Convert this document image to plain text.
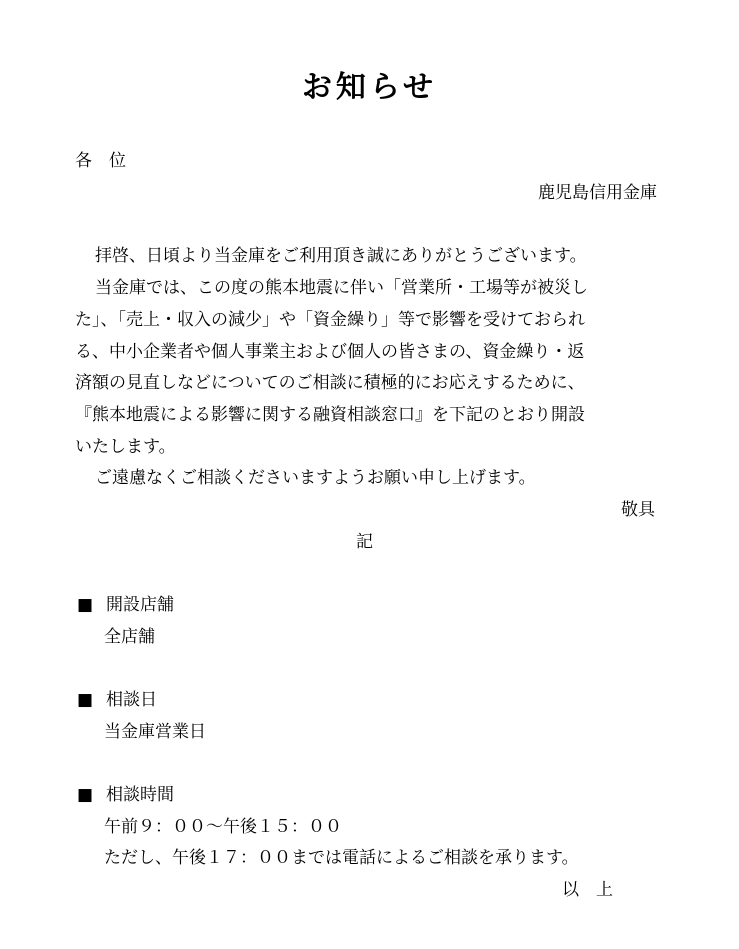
お知らせ
各　位
鹿児島信用金庫
拝啓、日頃より当金庫をご利用頂き誠にありがとうございます。
当金庫では、この度の熊本地震に伴い「営業所・工場等が被災し
た」、「売上・収入の減少」や「資金繰り」等で影響を受けておられ
る、中小企業者や個人事業主および個人の皆さまの、資金繰り・返
済額の見直しなどについてのご相談に積極的にお応えするために、
『熊本地震による影響に関する融資相談窓口』を下記のとおり開設
いたします。
ご遠慮なくご相談くださいますようお願い申し上げます。
敬具
記
■ 開設店舗
全店舗
■ 相談日
当金庫営業日
■ 相談時間
午前９：００～午後１５：００
ただし、午後１７：００までは電話によるご相談を承ります。
以　上
